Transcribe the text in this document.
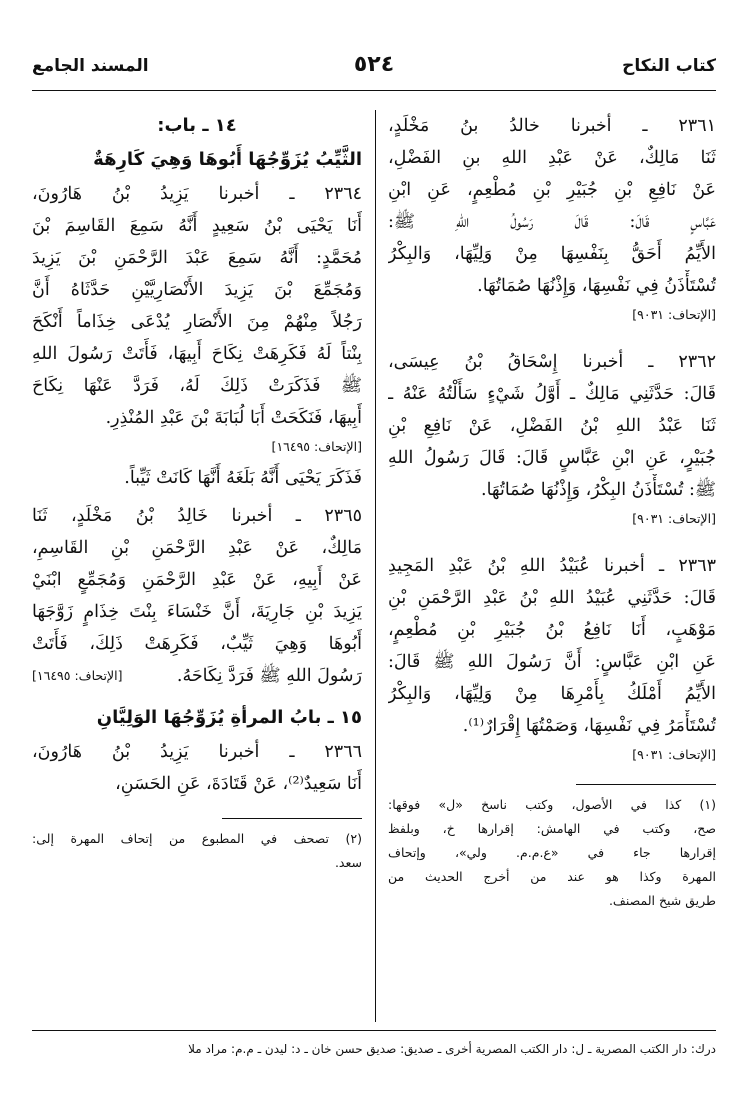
كتاب النكاح
٥٢٤
المسند الجامع
٢٣٦١ ـ أخبرنا خالدُ بنُ مَخْلَدٍ،
ثَنَا مَالِكٌ، عَنْ عَبْدِ اللهِ بنِ الفَضْلِ،
عَنْ نَافِعِ بْنِ جُبَيْرِ بْنِ مُطْعِمٍ، عَنِ ابْنِ
عَبَّاسٍ قَالَ: قَالَ رَسُولُ اللهِ ﷺ:
الأَيِّمُ أَحَقُّ بِنَفْسِهَا مِنْ وَلِيِّهَا، وَالبِكْرُ
تُسْتَأْذَنُ فِي نَفْسِهَا، وَإِذْنُهَا صُمَاتُهَا.
[الإتحاف: ٩٠٣١]
٢٣٦٢ ـ أخبرنا إِسْحَاقُ بْنُ عِيسَى،
قَالَ: حَدَّثَنِي مَالِكٌ ـ أَوَّلُ شَيْءٍ سَأَلْتُهُ عَنْهُ ـ
ثَنَا عَبْدُ اللهِ بْنُ الفَضْلِ، عَنْ نَافِعِ بْنِ
جُبَيْرٍ، عَنِ ابْنِ عَبَّاسٍ قَالَ: قَالَ رَسُولُ اللهِ
ﷺ: تُسْتَأْذَنُ البِكْرُ، وَإِذْنُهَا صُمَاتُهَا.
[الإتحاف: ٩٠٣١]
٢٣٦٣ ـ أخبرنا عُبَيْدُ اللهِ بْنُ عَبْدِ المَجِيدِ
قَالَ: حَدَّثَنِي عُبَيْدُ اللهِ بْنُ عَبْدِ الرَّحْمَنِ بْنِ
مَوْهَبٍ، أَنَا نَافِعُ بْنُ جُبَيْرِ بْنِ مُطْعِمٍ،
عَنِ ابْنِ عَبَّاسٍ: أَنَّ رَسُولَ اللهِ ﷺ قَالَ:
الأَيِّمُ أَمْلَكُ بِأَمْرِهَا مِنْ وَلِيِّهَا، وَالبِكْرُ
تُسْتَأْمَرُ فِي نَفْسِهَا، وَصَمْتُهَا إِقْرَارٌ⁽¹⁾.
[الإتحاف: ٩٠٣١]
(١) كذا في الأصول، وكتب ناسخ «ل» فوقها:
صح، وكتب في الهامش: إقرارها خ، وبلفظ
إقرارها جاء في «ع.م.م. ولي»، وإتحاف
المهرة وكذا هو عند من أخرج الحديث من
طريق شيخ المصنف.
١٤ ـ باب:
الثَّيِّبُ يُزَوِّجُهَا أَبُوهَا وَهِيَ كَارِهَةٌ
٢٣٦٤ ـ أخبرنا يَزِيدُ بْنُ هَارُونَ،
أَنَا يَحْيَى بْنُ سَعِيدٍ أَنَّهُ سَمِعَ القَاسِمَ بْنَ
مُحَمَّدٍ: أَنَّهُ سَمِعَ عَبْدَ الرَّحْمَنِ بْنَ يَزِيدَ
وَمُجَمِّعَ بْنَ يَزِيدَ الأَنْصَارِيَّيْنِ حَدَّثَاهُ أَنَّ
رَجُلاً مِنْهُمْ مِنَ الأَنْصَارِ يُدْعَى خِذَاماً أَنْكَحَ
بِنْتاً لَهُ فَكَرِهَتْ نِكَاحَ أَبِيهَا، فَأَتَتْ رَسُولَ اللهِ
ﷺ فَذَكَرَتْ ذَلِكَ لَهُ، فَرَدَّ عَنْهَا نِكَاحَ
أَبِيهَا، فَنَكَحَتْ أَبَا لُبَابَةَ بْنَ عَبْدِ المُنْذِرِ.
[الإتحاف: ١٦٤٩٥]
فَذَكَرَ يَحْيَى أَنَّهُ بَلَغَهُ أَنَّهَا كَانَتْ ثَيِّباً.
٢٣٦٥ ـ أخبرنا خَالِدُ بْنُ مَخْلَدٍ، ثَنَا
مَالِكٌ، عَنْ عَبْدِ الرَّحْمَنِ بْنِ القَاسِمِ،
عَنْ أَبِيهِ، عَنْ عَبْدِ الرَّحْمَنِ وَمُجَمِّعٍ ابْنَيْ
يَزِيدَ بْنِ جَارِيَةَ، أَنَّ خَنْسَاءَ بِنْتَ خِذَامٍ زَوَّجَهَا
أَبُوهَا وَهِيَ ثَيِّبٌ، فَكَرِهَتْ ذَلِكَ، فَأَتَتْ
رَسُولَ اللهِ ﷺ فَرَدَّ نِكَاحَهُ.
[الإتحاف: ١٦٤٩٥]
١٥ ـ بابُ المرأةِ يُزَوِّجُهَا الوَلِيَّانِ
٢٣٦٦ ـ أخبرنا يَزِيدُ بْنُ هَارُونَ،
أَنَا سَعِيدٌ⁽²⁾، عَنْ قَتَادَةَ، عَنِ الحَسَنِ،
(٢) تصحف في المطبوع من إتحاف المهرة إلى:
سعد.
درك: دار الكتب المصرية ـ ل: دار الكتب المصرية أخرى ـ صديق: صديق حسن خان ـ د: ليدن ـ م.م: مراد ملا
